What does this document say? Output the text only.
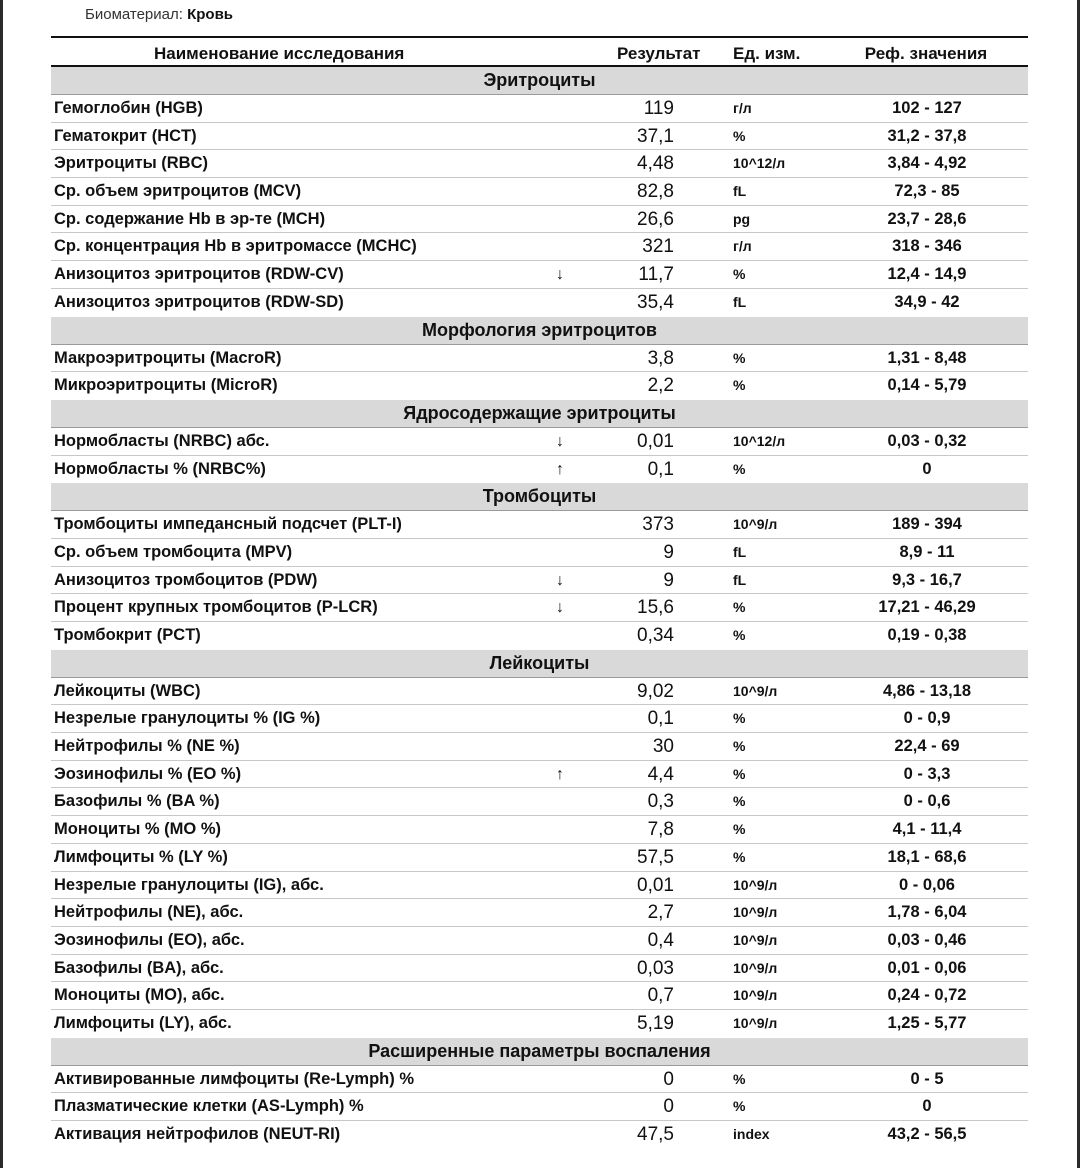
Биоматериал: Кровь
Наименование исследования	Результат Ед. изм.	Реф. значения
Эритроциты
Гемоглобин (HGB)	119	г/л	102 - 127
Гематокрит (HCT)	37,1	%	31,2 - 37,8
Эритроциты (RBC)	4,48	10^12/л	3,84 - 4,92
Ср. объем эритроцитов (MCV)	82,8	fL	72,3 - 85
Ср. содержание Hb в эр-те (MCH)	26,6	pg	23,7 - 28,6
Ср. концентрация Hb в эритромассе (MCHC)	321	г/л	318 - 346
Анизоцитоз эритроцитов (RDW-CV)	↓	11,7	%	12,4 - 14,9
Анизоцитоз эритроцитов (RDW-SD)	35,4	fL	34,9 - 42
Морфология эритроцитов
Макроэритроциты (MacroR)	3,8	%	1,31 - 8,48
Микроэритроциты (MicroR)	2,2	%	0,14 - 5,79
Ядросодержащие эритроциты
Нормобласты (NRBC) абс.	↓	0,01	10^12/л	0,03 - 0,32
Нормобласты % (NRBC%)	↑	0,1	%	0
Тромбоциты
Тромбоциты импедансный подсчет (PLT-I)	373	10^9/л	189 - 394
Ср. объем тромбоцита (MPV)	9	fL	8,9 - 11
Анизоцитоз тромбоцитов (PDW)	↓	9	fL	9,3 - 16,7
Процент крупных тромбоцитов (P-LCR)	↓	15,6	%	17,21 - 46,29
Тромбокрит (PCT)	0,34	%	0,19 - 0,38
Лейкоциты
Лейкоциты (WBC)	9,02	10^9/л	4,86 - 13,18
Незрелые гранулоциты % (IG %)	0,1	%	0 - 0,9
Нейтрофилы % (NE %)	30	%	22,4 - 69
Эозинофилы % (EO %)	↑	4,4	%	0 - 3,3
Базофилы % (BA %)	0,3	%	0 - 0,6
Моноциты % (MO %)	7,8	%	4,1 - 11,4
Лимфоциты % (LY %)	57,5	%	18,1 - 68,6
Незрелые гранулоциты (IG), абс.	0,01	10^9/л	0 - 0,06
Нейтрофилы (NE), абс.	2,7	10^9/л	1,78 - 6,04
Эозинофилы (EO), абс.	0,4	10^9/л	0,03 - 0,46
Базофилы (BA), абс.	0,03	10^9/л	0,01 - 0,06
Моноциты (MO), абс.	0,7	10^9/л	0,24 - 0,72
Лимфоциты (LY), абс.	5,19	10^9/л	1,25 - 5,77
Расширенные параметры воспаления
Активированные лимфоциты (Re-Lymph) %	0	%	0 - 5
Плазматические клетки (AS-Lymph) %	0	%	0
Активация нейтрофилов (NEUT-RI)	47,5	index	43,2 - 56,5
